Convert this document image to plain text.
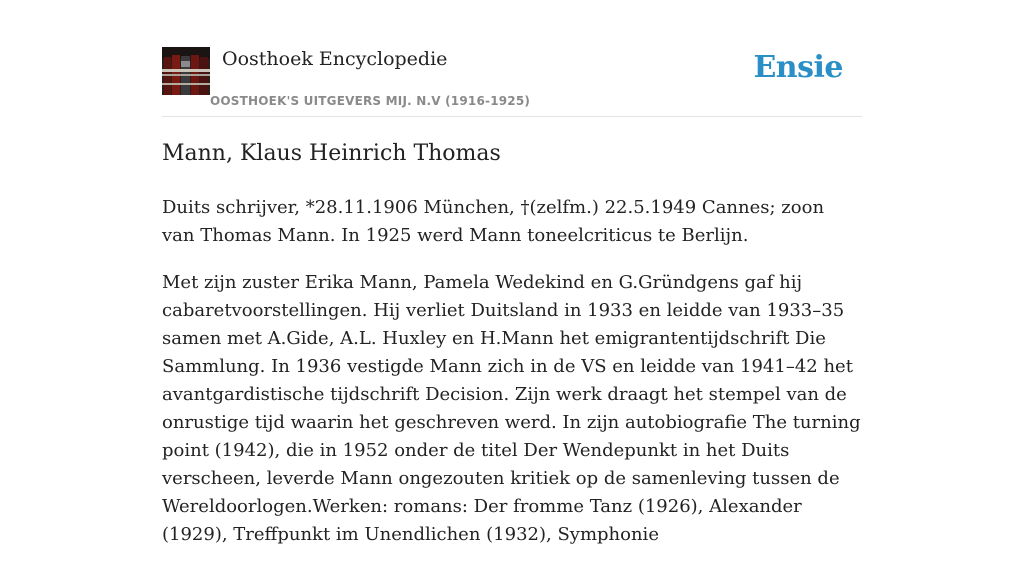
Oosthoek Encyclopedie
OOSTHOEK'S UITGEVERS MIJ. N.V (1916-1925)
Ensie
Mann, Klaus Heinrich Thomas

Duits schrijver, *28.11.1906 München, †(zelfm.) 22.5.1949 Cannes; zoon van Thomas Mann. In 1925 werd Mann toneelcriticus te Berlijn.

Met zijn zuster Erika Mann, Pamela Wedekind en G.Gründgens gaf hij cabaretvoorstellingen. Hij verliet Duitsland in 1933 en leidde van 1933–35 samen met A.Gide, A.L. Huxley en H.Mann het emigrantentijdschrift Die Sammlung. In 1936 vestigde Mann zich in de VS en leidde van 1941–42 het avantgardistische tijdschrift Decision. Zijn werk draagt het stempel van de onrustige tijd waarin het geschreven werd. In zijn autobiografie The turning point (1942), die in 1952 onder de titel Der Wendepunkt in het Duits verscheen, leverde Mann ongezouten kritiek op de samenleving tussen de Wereldoorlogen.Werken: romans: Der fromme Tanz (1926), Alexander (1929), Treffpunkt im Unendlichen (1932), Symphonie
